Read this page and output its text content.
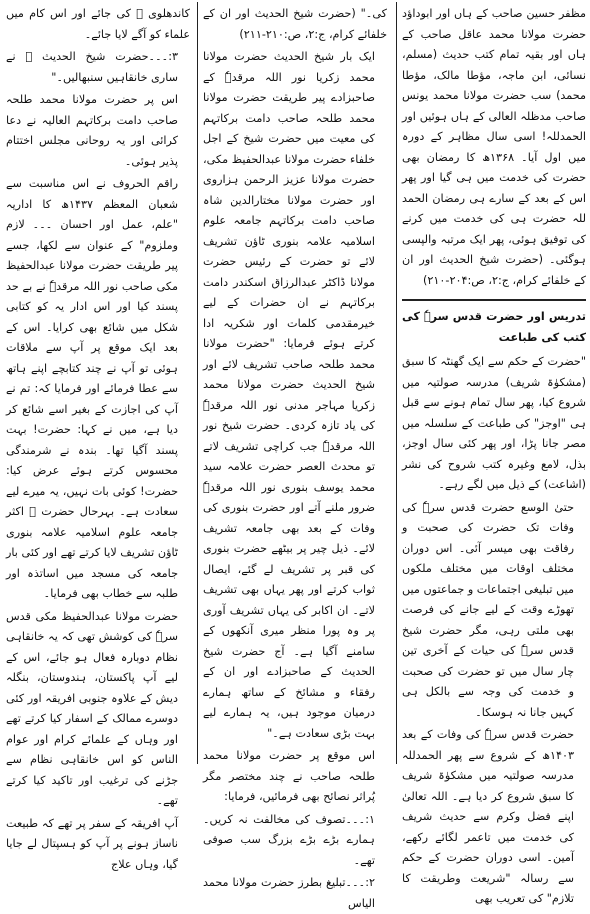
مظفر حسین صاحب کے ہاں اور ابوداؤد حضرت مولانا محمد عاقل صاحب کے ہاں اور بقیہ تمام کتب حدیث (مسلم، نسائی، ابن ماجہ، مؤطا مالک، مؤطا محمد) سب حضرت مولانا محمد یونس صاحب مدظلہ العالی کے ہاں ہوئیں اور الحمدللہ! اسی سال مظاہر کے دورہ میں اول آیا۔ ۱۳۶۸ھ کا رمضان بھی حضرت کی خدمت میں ہی گیا اور پھر اس کے بعد کے سارے ہی رمضان الحمد للہ حضرت ہی کی خدمت میں کرنے کی توفیق ہوئی، پھر ایک مرتبہ والپسی ہوگئی۔ (حضرت شیخ الحدیث اور ان کے خلفائے کرام، ج:۲، ص:۲۰۴-۲۱۰)

تدریس اور حضرت قدس سرہٗ کی کتب کی طباعت

"حضرت کے حکم سے ایک گھنٹہ کا سبق (مشکوٰۃ شریف) مدرسہ صولتیہ میں شروع کیا، پھر سال تمام ہونے سے قبل ہی "اوجز" کی طباعت کے سلسلہ میں مصر جانا پڑا، اور پھر کئی سال اوجز، بذل، لامع وغیرہ کتب شروح کی نشر (اشاعت) کے ذیل میں لگے رہے۔

حتیٰ الوسع حضرت قدس سرہٗ کی وفات تک حضرت کی صحبت و رفاقت بھی میسر آئی۔ اس دوران مختلف اوقات میں مختلف ملکوں میں تبلیغی اجتماعات و جماعتوں میں تھوڑے وقت کے لیے جانے کی فرصت بھی ملتی رہی، مگر حضرت شیخ قدس سرہٗ کی حیات کے آخری تین چار سال میں تو حضرت کی صحبت و خدمت کی وجہ سے بالکل ہی کہیں جانا نہ ہوسکا۔

حضرت قدس سرہٗ کی وفات کے بعد ۱۴۰۳ھ کے شروع سے پھر الحمدللہ مدرسہ صولتیہ میں مشکوٰۃ شریف کا سبق شروع کر دیا ہے۔ اللہ تعالیٰ اپنے فضل وکرم سے حدیث شریف کی خدمت میں تاعمر لگائے رکھے، آمین۔ اسی دوران حضرت کے حکم سے رسالہ "شریعت وطریقت کا تلازم" کی تعریب بھی

کی۔" (حضرت شیخ الحدیث اور ان کے خلفائے کرام، ج:۲، ص:۲۱۰-۲۱۱)

ایک بار شیخ الحدیث حضرت مولانا محمد زکریا نور اللہ مرقدہٗ کے صاحبزادے پیر طریقت حضرت مولانا محمد طلحہ صاحب دامت برکاتہم کی معیت میں حضرت شیخ کے اجل خلفاء حضرت مولانا عبدالحفیظ مکی، حضرت مولانا عزیز الرحمن ہزاروی اور حضرت مولانا مختارالدین شاہ صاحب دامت برکاتہم جامعہ علوم اسلامیہ علامہ بنوری ٹاؤن تشریف لائے تو حضرت کے رئیس حضرت مولانا ڈاکٹر عبدالرزاق اسکندر دامت برکاتہم نے ان حضرات کے لیے خیرمقدمی کلمات اور شکریہ ادا کرتے ہوئے فرمایا: "حضرت مولانا محمد طلحہ صاحب تشریف لائے اور شیخ الحدیث حضرت مولانا محمد زکریا مہاجر مدنی نور اللہ مرقدہٗ کی یاد تازہ کردی۔ حضرت شیخ نور اللہ مرقدہٗ جب کراچی تشریف لاتے تو محدث العصر حضرت علامہ سید محمد یوسف بنوری نور اللہ مرقدہٗ ضرور ملنے آتے اور حضرت بنوری کی وفات کے بعد بھی جامعہ تشریف لائے۔ ذیل چیر پر بیٹھے حضرت بنوری کی قبر پر تشریف لے گئے، ایصال ثواب کرتے اور پھر یہاں بھی تشریف لاتے۔ ان اکابر کی یہاں تشریف آوری پر وہ پورا منظر میری آنکھوں کے سامنے آگیا ہے۔ آج حضرت شیخ الحدیث کے صاحبزادے اور ان کے رفقاء و مشائخ کے ساتھ ہمارے درمیان موجود ہیں، یہ ہمارے لیے بہت بڑی سعادت ہے۔"

اس موقع پر حضرت مولانا محمد طلحہ صاحب نے چند مختصر مگر پُراثر نصائح بھی فرمائیں، فرمایا:

۱:۔۔۔تصوف کی مخالفت نہ کریں۔ ہمارے بڑے بڑے بزرگ سب صوفی تھے۔

۲:۔۔۔تبلیغ بطرز حضرت مولانا محمد الیاس

کاندھلوی ﷫ کی جائے اور اس کام میں علماء کو آگے لایا جائے۔

۳:۔۔۔حضرت شیخ الحدیث ﷫ نے ساری خانقاہیں سنبھالیں۔"

اس پر حضرت مولانا محمد طلحہ صاحب دامت برکاتہم العالیہ نے دعا کرائی اور یہ روحانی مجلس اختتام پذیر ہوئی۔

راقم الحروف نے اس مناسبت سے شعبان المعظم ۱۴۳۷ھ کا اداریہ "علم، عمل اور احسان ۔۔۔ لازم وملزوم" کے عنوان سے لکھا، جسے پیر طریقت حضرت مولانا عبدالحفیظ مکی صاحب نور اللہ مرقدہٗ نے بے حد پسند کیا اور اس ادار یہ کو کتابی شکل میں شائع بھی کرایا۔ اس کے بعد ایک موقع پر آپ سے ملاقات ہوئی تو آپ نے چند کتابچے اپنے ہاتھ سے عطا فرمائے اور فرمایا کہ: تم نے آپ کی اجازت کے بغیر اسے شائع کر دیا ہے، میں نے کہا: حضرت! بہت پسند آگیا تھا۔ بندہ نے شرمندگی محسوس کرتے ہوئے عرض کیا: حضرت! کوئی بات نہیں، یہ میرے لیے سعادت ہے۔ بہرحال حضرت ﷫ اکثر جامعہ علوم اسلامیہ علامہ بنوری ٹاؤن تشریف لایا کرتے تھے اور کئی بار جامعہ کی مسجد میں اساتذہ اور طلبہ سے خطاب بھی فرمایا۔

حضرت مولانا عبدالحفیظ مکی قدس سرہٗ کی کوشش تھی کہ یہ خانقاہی نظام دوبارہ فعال ہو جائے، اس کے لیے آپ پاکستان، ہندوستان، بنگلہ دیش کے علاوہ جنوبی افریقہ اور کئی دوسرے ممالک کے اسفار کیا کرتے تھے اور وہاں کے علمائے کرام اور عوام الناس کو اس خانقاہی نظام سے جڑنے کی ترغیب اور تاکید کیا کرتے تھے۔

آپ افریقہ کے سفر پر تھے کہ طبیعت ناساز ہونے پر آپ کو ہسپتال لے جایا گیا، وہاں علاج
